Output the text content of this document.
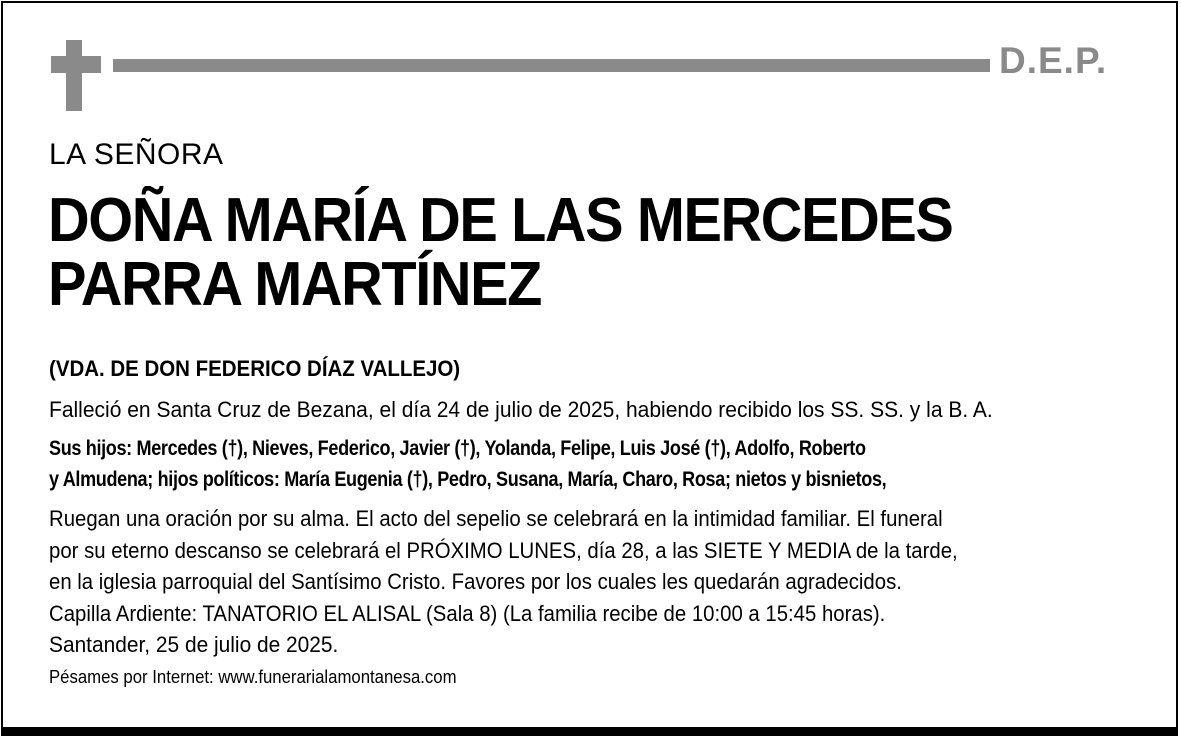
D.E.P.
LA SEÑORA
DOÑA MARÍA DE LAS MERCEDES
PARRA MARTÍNEZ
(VDA. DE DON FEDERICO DÍAZ VALLEJO)
Falleció en Santa Cruz de Bezana, el día 24 de julio de 2025, habiendo recibido los SS. SS. y la B. A.
Sus hijos: Mercedes (†), Nieves, Federico, Javier (†), Yolanda, Felipe, Luis José (†), Adolfo, Roberto
y Almudena; hijos políticos: María Eugenia (†), Pedro, Susana, María, Charo, Rosa; nietos y bisnietos,
Ruegan una oración por su alma. El acto del sepelio se celebrará en la intimidad familiar. El funeral
por su eterno descanso se celebrará el PRÓXIMO LUNES, día 28, a las SIETE Y MEDIA de la tarde,
en la iglesia parroquial del Santísimo Cristo. Favores por los cuales les quedarán agradecidos.
Capilla Ardiente: TANATORIO EL ALISAL (Sala 8) (La familia recibe de 10:00 a 15:45 horas).
Santander, 25 de julio de 2025.
Pésames por Internet: www.funerarialamontanesa.com
